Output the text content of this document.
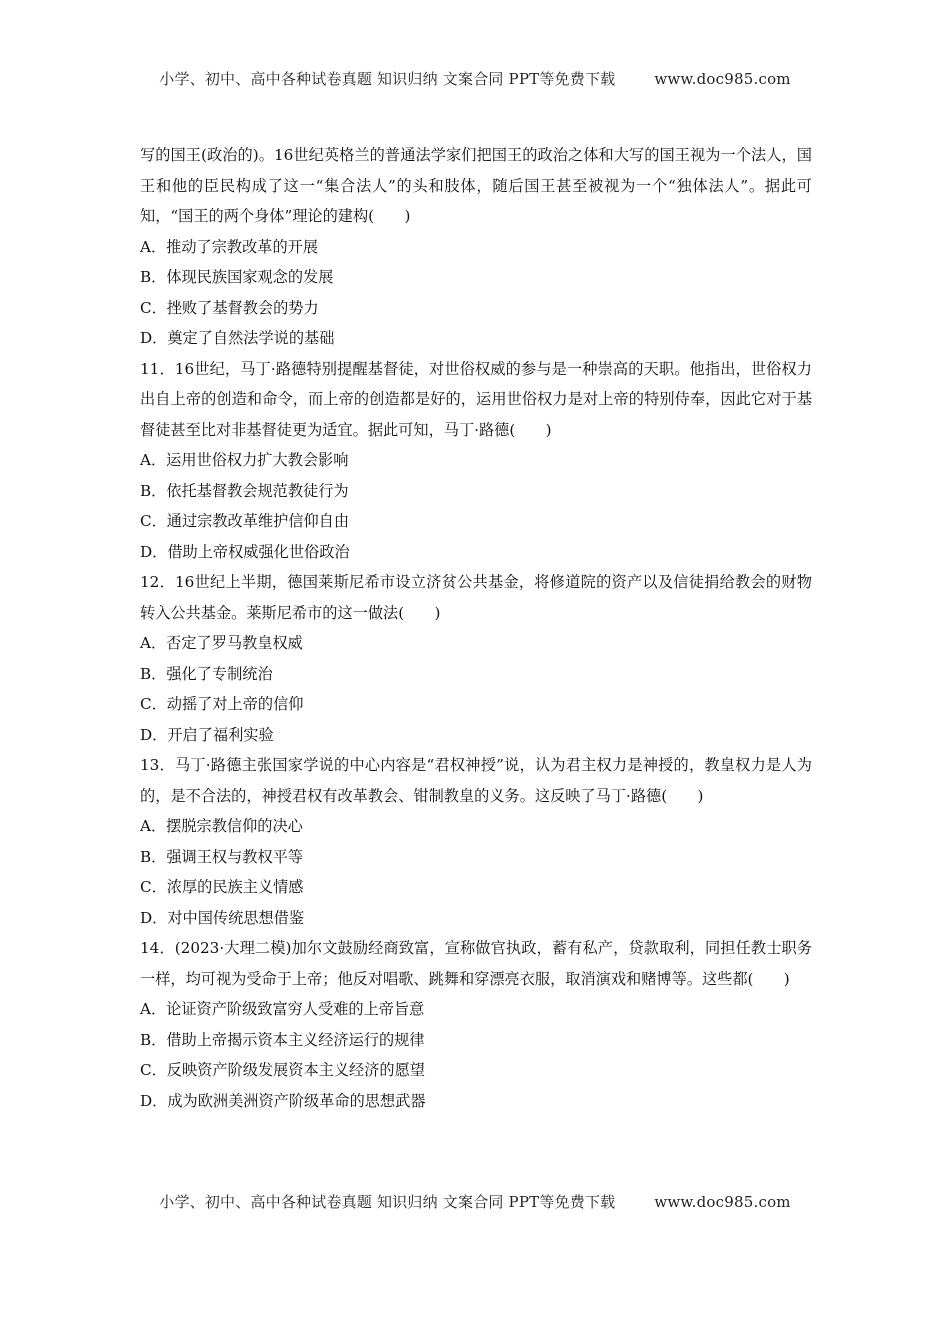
小学、初中、高中各种试卷真题 知识归纳 文案合同 PPT等免费下载	www.doc985.com
写的国王(政治的)。16世纪英格兰的普通法学家们把国王的政治之体和大写的国王视为一个法人，国王和他的臣民构成了这一“集合法人”的头和肢体，随后国王甚至被视为一个“独体法人”。据此可知，“国王的两个身体”理论的建构(　　)
A．推动了宗教改革的开展
B．体现民族国家观念的发展
C．挫败了基督教会的势力
D．奠定了自然法学说的基础
11．16世纪，马丁·路德特别提醒基督徒，对世俗权威的参与是一种崇高的天职。他指出，世俗权力出自上帝的创造和命令，而上帝的创造都是好的，运用世俗权力是对上帝的特别侍奉，因此它对于基督徒甚至比对非基督徒更为适宜。据此可知，马丁·路德(　　)
A．运用世俗权力扩大教会影响
B．依托基督教会规范教徒行为
C．通过宗教改革维护信仰自由
D．借助上帝权威强化世俗政治
12．16世纪上半期，德国莱斯尼希市设立济贫公共基金，将修道院的资产以及信徒捐给教会的财物转入公共基金。莱斯尼希市的这一做法(　　)
A．否定了罗马教皇权威
B．强化了专制统治
C．动摇了对上帝的信仰
D．开启了福利实验
13．马丁·路德主张国家学说的中心内容是“君权神授”说，认为君主权力是神授的，教皇权力是人为的，是不合法的，神授君权有改革教会、钳制教皇的义务。这反映了马丁·路德(　　)
A．摆脱宗教信仰的决心
B．强调王权与教权平等
C．浓厚的民族主义情感
D．对中国传统思想借鉴
14．(2023·大理二模)加尔文鼓励经商致富，宣称做官执政，蓄有私产，贷款取利，同担任教士职务一样，均可视为受命于上帝；他反对唱歌、跳舞和穿漂亮衣服，取消演戏和赌博等。这些都(　　)
A．论证资产阶级致富穷人受难的上帝旨意
B．借助上帝揭示资本主义经济运行的规律
C．反映资产阶级发展资本主义经济的愿望
D．成为欧洲美洲资产阶级革命的思想武器
小学、初中、高中各种试卷真题 知识归纳 文案合同 PPT等免费下载	www.doc985.com
